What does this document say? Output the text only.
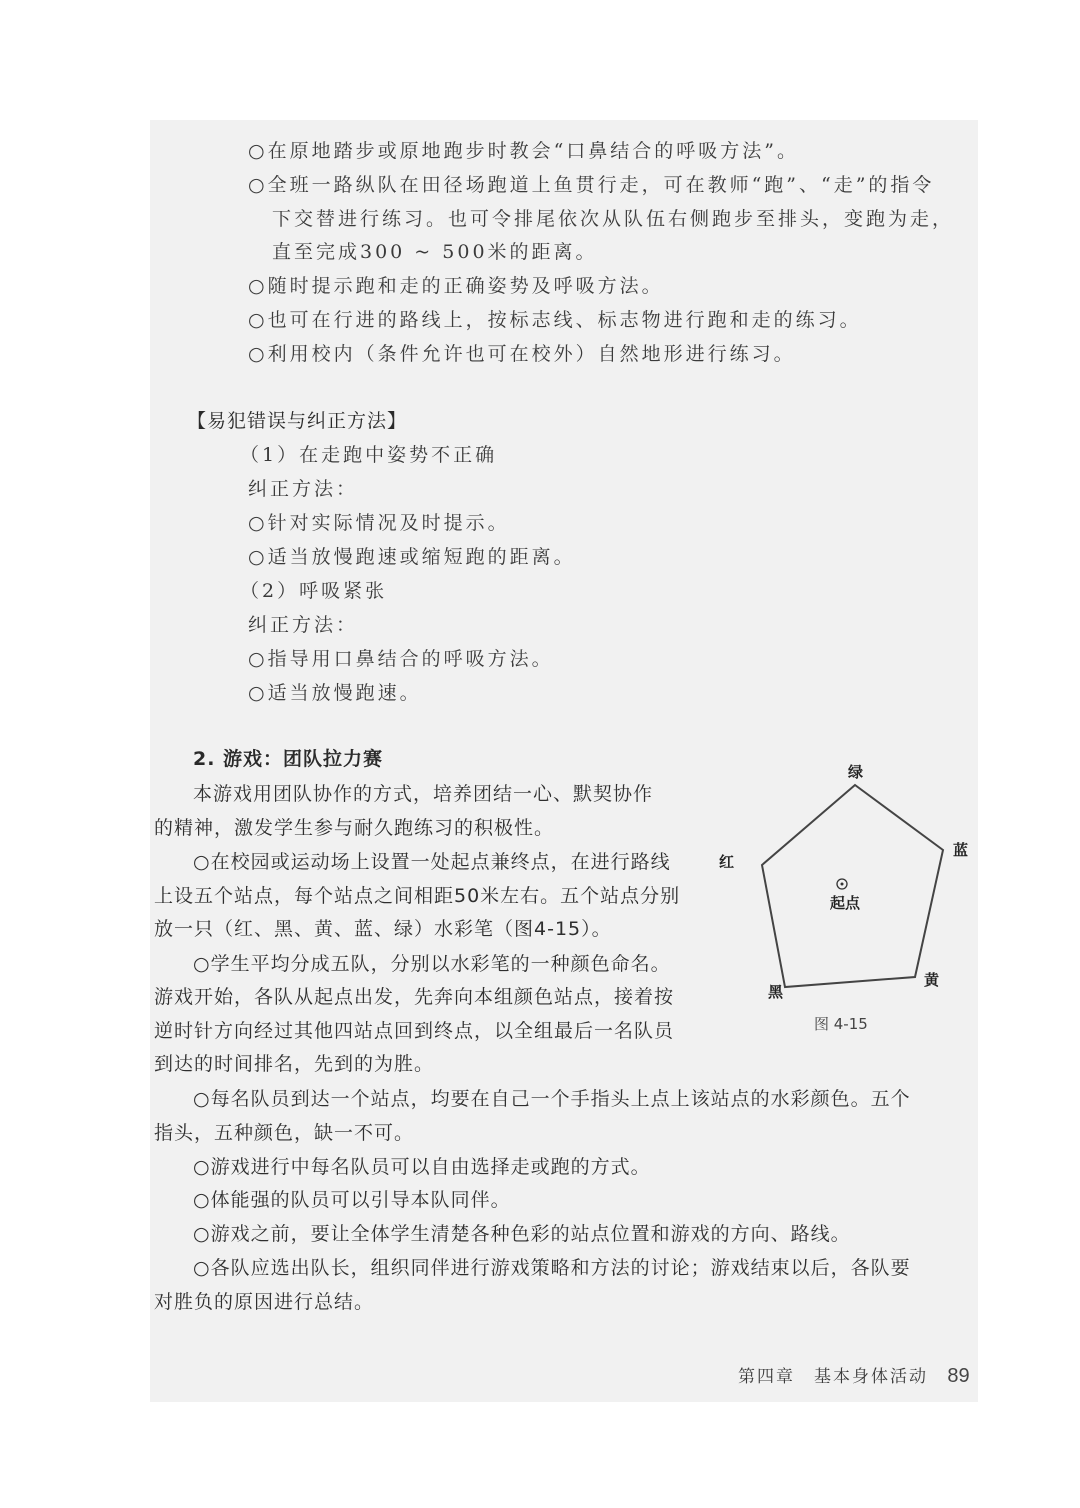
○在原地踏步或原地跑步时教会“口鼻结合的呼吸方法”。
○全班一路纵队在田径场跑道上鱼贯行走，可在教师“跑”、“走”的指令
下交替进行练习。也可令排尾依次从队伍右侧跑步至排头，变跑为走，
直至完成300 ~ 500米的距离。
○随时提示跑和走的正确姿势及呼吸方法。
○也可在行进的路线上，按标志线、标志物进行跑和走的练习。
○利用校内（条件允许也可在校外）自然地形进行练习。
【易犯错误与纠正方法】
（1）在走跑中姿势不正确
纠正方法：
○针对实际情况及时提示。
○适当放慢跑速或缩短跑的距离。
（2）呼吸紧张
纠正方法：
○指导用口鼻结合的呼吸方法。
○适当放慢跑速。
2. 游戏：团队拉力赛
本游戏用团队协作的方式，培养团结一心、默契协作
的精神，激发学生参与耐久跑练习的积极性。
○在校园或运动场上设置一处起点兼终点，在进行路线
上设五个站点，每个站点之间相距50米左右。五个站点分别
放一只（红、黑、黄、蓝、绿）水彩笔（图4-15）。
○学生平均分成五队，分别以水彩笔的一种颜色命名。
游戏开始，各队从起点出发，先奔向本组颜色站点，接着按
逆时针方向经过其他四站点回到终点，以全组最后一名队员
到达的时间排名，先到的为胜。
○每名队员到达一个站点，均要在自己一个手指头上点上该站点的水彩颜色。五个
指头，五种颜色，缺一不可。
○游戏进行中每名队员可以自由选择走或跑的方式。
○体能强的队员可以引导本队同伴。
○游戏之前，要让全体学生清楚各种色彩的站点位置和游戏的方向、路线。
○各队应选出队长，组织同伴进行游戏策略和方法的讨论；游戏结束以后，各队要
对胜负的原因进行总结。
绿
蓝
黄
黑
红
起点
图 4-15
第四章　基本身体活动 89
